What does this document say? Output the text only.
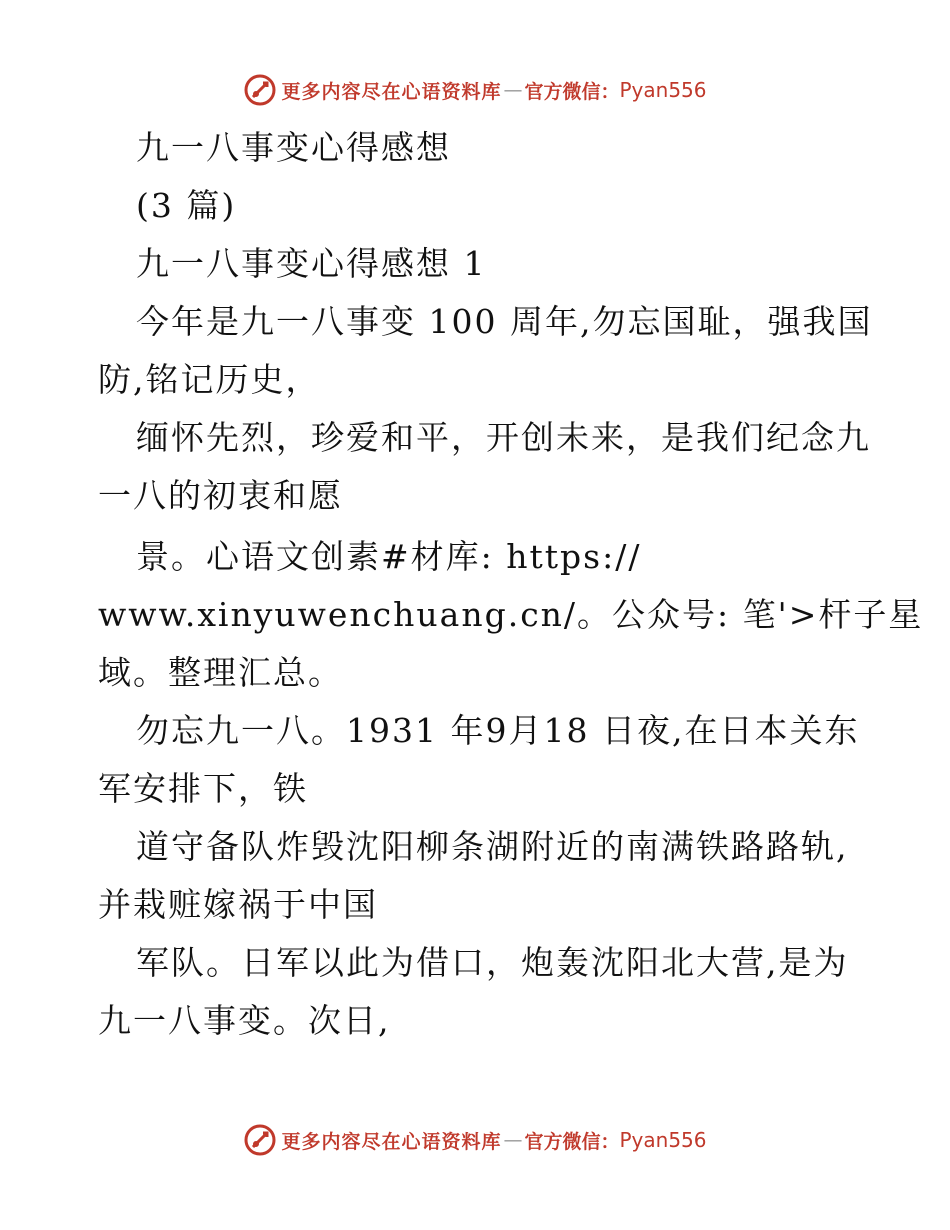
更多内容尽在心语资料库 — 官方微信： Pyan556
九一八事变心得感想
(3 篇)
九一八事变心得感想 1
今年是九一八事变 100 周年,勿忘国耻，强我国
防,铭记历史，
缅怀先烈，珍爱和平，开创未来，是我们纪念九
一八的初衷和愿
景。心语文创素#材库: https://
www.xinyuwenchuang.cn/。公众号: 笔'>杆子星
域。整理汇总。
勿忘九一八。1931 年9月18 日夜,在日本关东
军安排下，铁
道守备队炸毁沈阳柳条湖附近的南满铁路路轨,
并栽赃嫁祸于中国
军队。日军以此为借口，炮轰沈阳北大营,是为
九一八事变。次日,
更多内容尽在心语资料库 — 官方微信： Pyan556
